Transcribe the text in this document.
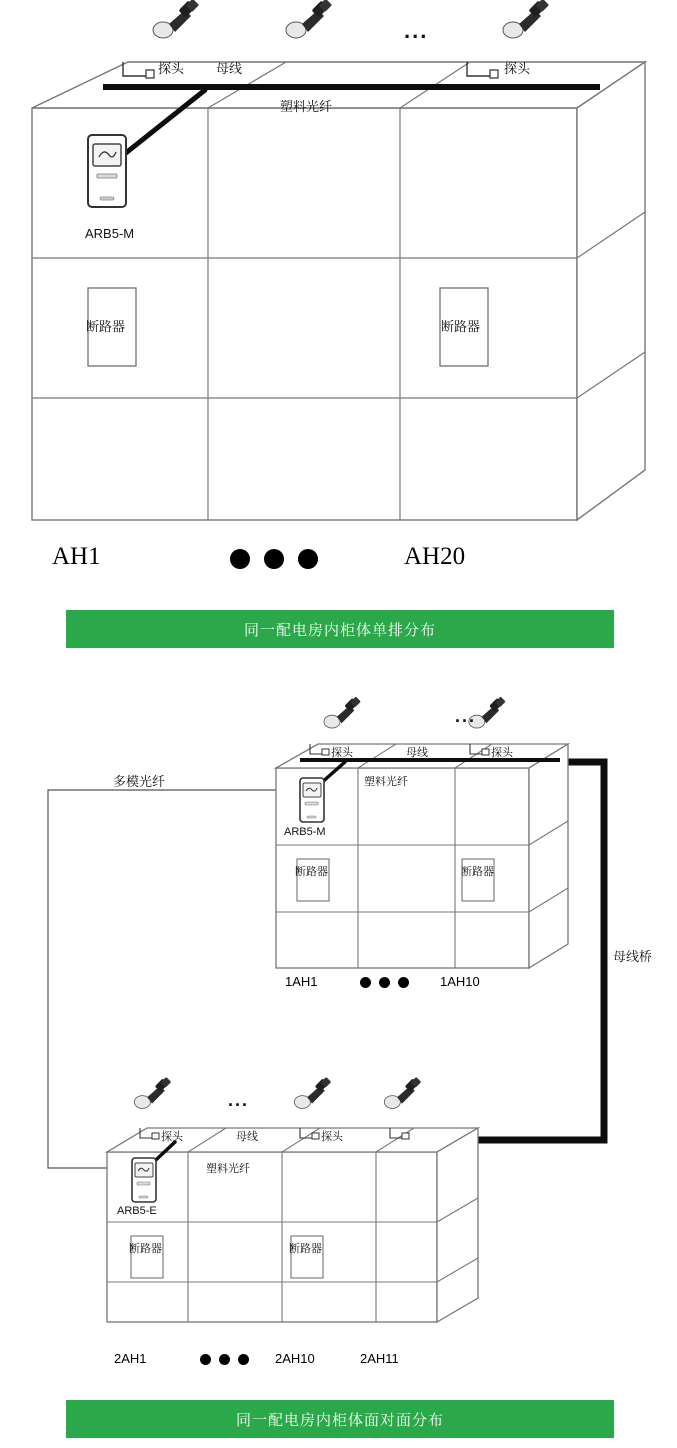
探头 母线	探头
塑料光纤
ARB5-M
断路器	断路器
...
AH1	AH20
同一配电房内柜体单排分布
多模光纤
母线桥
...
探头	母线	探头
塑料光纤
ARB5-M
断路器	断路器
1AH1	1AH10
...
探头	母线	探头
塑料光纤
ARB5-E
断路器	断路器
2AH1	2AH10	2AH11
同一配电房内柜体面对面分布
